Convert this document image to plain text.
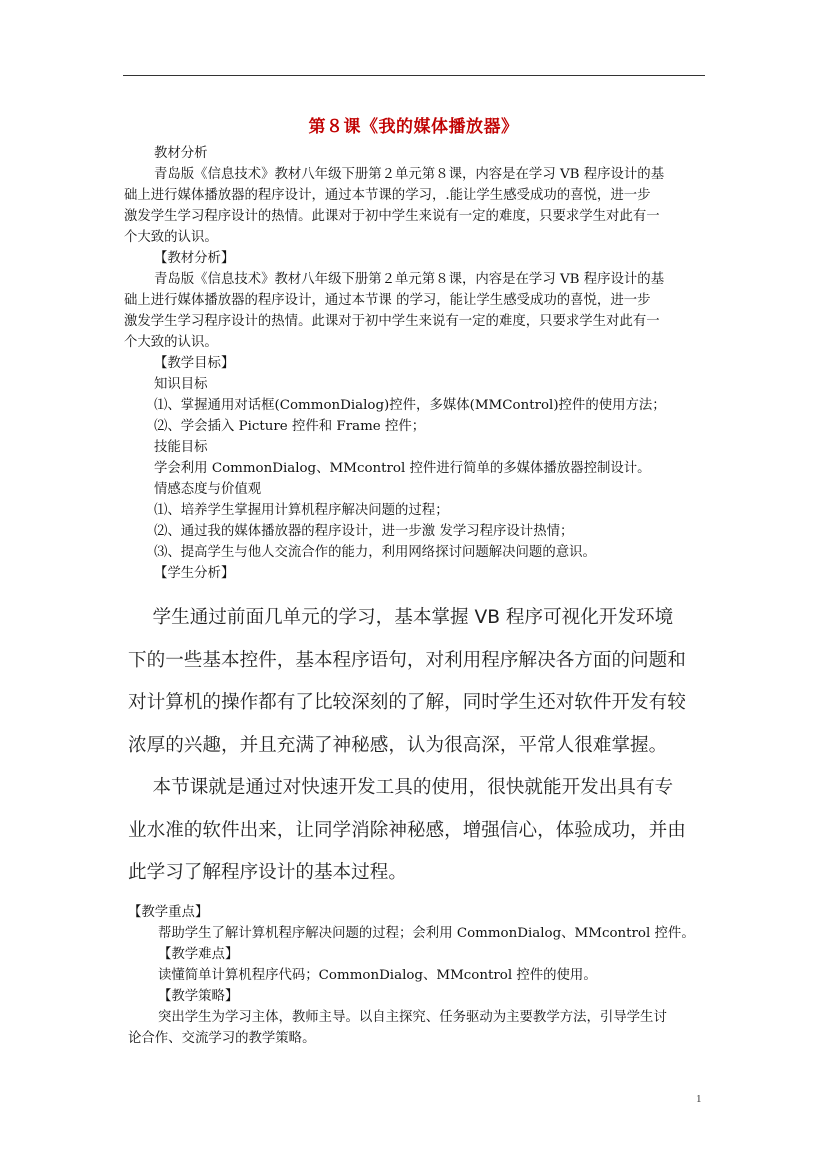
第８课《我的媒体播放器》

教材分析

青岛版《信息技术》教材八年级下册第２单元第８课，内容是在学习 VB 程序设计的基

础上进行媒体播放器的程序设计，通过本节课的学习，.能让学生感受成功的喜悦，进一步

激发学生学习程序设计的热情。此课对于初中学生来说有一定的难度，只要求学生对此有一

个大致的认识。

【教材分析】

青岛版《信息技术》教材八年级下册第２单元第８课，内容是在学习 VB 程序设计的基

础上进行媒体播放器的程序设计，通过本节课 的学习，能让学生感受成功的喜悦，进一步

激发学生学习程序设计的热情。此课对于初中学生来说有一定的难度，只要求学生对此有一

个大致的认识。

【教学目标】

知识目标

⑴、掌握通用对话框(CommonDialog)控件，多媒体(MMControl)控件的使用方法；

⑵、学会插入 Picture 控件和 Frame 控件；

技能目标

学会利用 CommonDialog、MMcontrol 控件进行简单的多媒体播放器控制设计。

情感态度与价值观

⑴、培养学生掌握用计算机程序解决问题的过程；

⑵、通过我的媒体播放器的程序设计，进一步激 发学习程序设计热情；

⑶、提高学生与他人交流合作的能力，利用网络探讨问题解决问题的意识。

【学生分析】

　 学生通过前面几单元的学习，基本掌握 VB 程序可视化开发环境

下的一些基本控件，基本程序语句，对利用程序解决各方面的问题和

对计算机的操作都有了比较深刻的了解，同时学生还对软件开发有较

浓厚的兴趣，并且充满了神秘感，认为很高深，平常人很难掌握。

　 本节课就是通过对快速开发工具的使用，很快就能开发出具有专

业水准的软件出来，让同学消除神秘感，增强信心，体验成功，并由

此学习了解程序设计的基本过程。

【教学重点】

帮助学生了解计算机程序解决问题的过程；会利用 CommonDialog、MMcontrol 控件。

【教学难点】

读懂简单计算机程序代码；CommonDialog、MMcontrol 控件的使用。

【教学策略】

突出学生为学习主体，教师主导。以自主探究、任务驱动为主要教学方法，引导学生讨

论合作、交流学习的教学策略。

1
